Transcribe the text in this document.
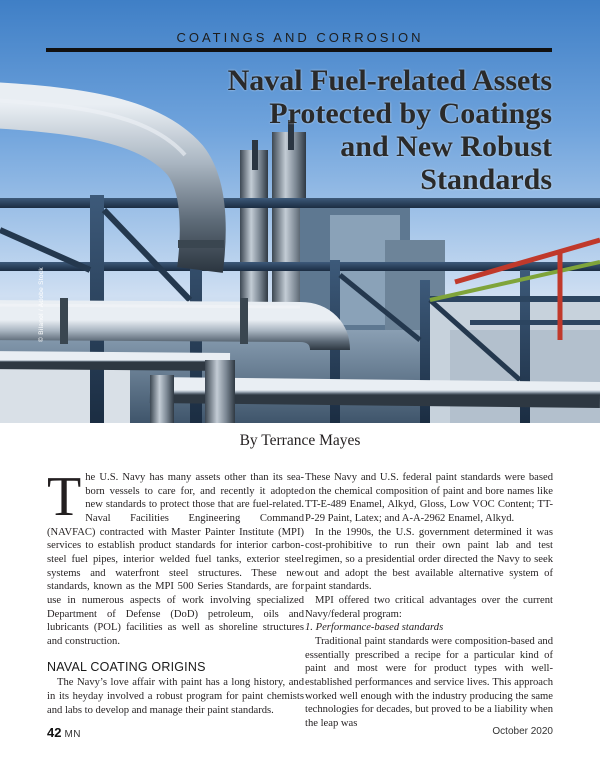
COATINGS AND CORROSION
Naval Fuel-related Assets Protected by Coatings and New Robust Standards
© Bilanol / Adobe Stock
By Terrance Mayes

The U.S. Navy has many assets other than its sea-born vessels to care for, and recently it adopted new standards to protect those that are fuel-related. Naval Facilities Engineering Command (NAVFAC) contracted with Master Painter Institute (MPI) services to establish product standards for interior carbon-steel fuel pipes, interior welded fuel tanks, exterior steel systems and waterfront steel structures. These new standards, known as the MPI 500 Series Standards, are for use in numerous aspects of work involving specialized Department of Defense (DoD) petroleum, oils and lubricants (POL) facilities as well as shoreline structures and construction.

NAVAL COATING ORIGINS

The Navy’s love affair with paint has a long history, and in its heyday involved a robust program for paint chemists and labs to develop and manage their paint standards.

These Navy and U.S. federal paint standards were based on the chemical composition of paint and bore names like TT-E-489 Enamel, Alkyd, Gloss, Low VOC Content; TT-P-29 Paint, Latex; and A-A-2962 Enamel, Alkyd.

In the 1990s, the U.S. government determined it was cost-prohibitive to run their own paint lab and test regimen, so a presidential order directed the Navy to seek out and adopt the best available alternative system of paint standards.

MPI offered two critical advantages over the current Navy/federal program:

1. Performance-based standards

Traditional paint standards were composition-based and essentially prescribed a recipe for a particular kind of paint and most were for product types with well-established performances and service lives. This approach worked well enough with the industry producing the same technologies for decades, but proved to be a liability when the leap was

42 MN	October 2020
